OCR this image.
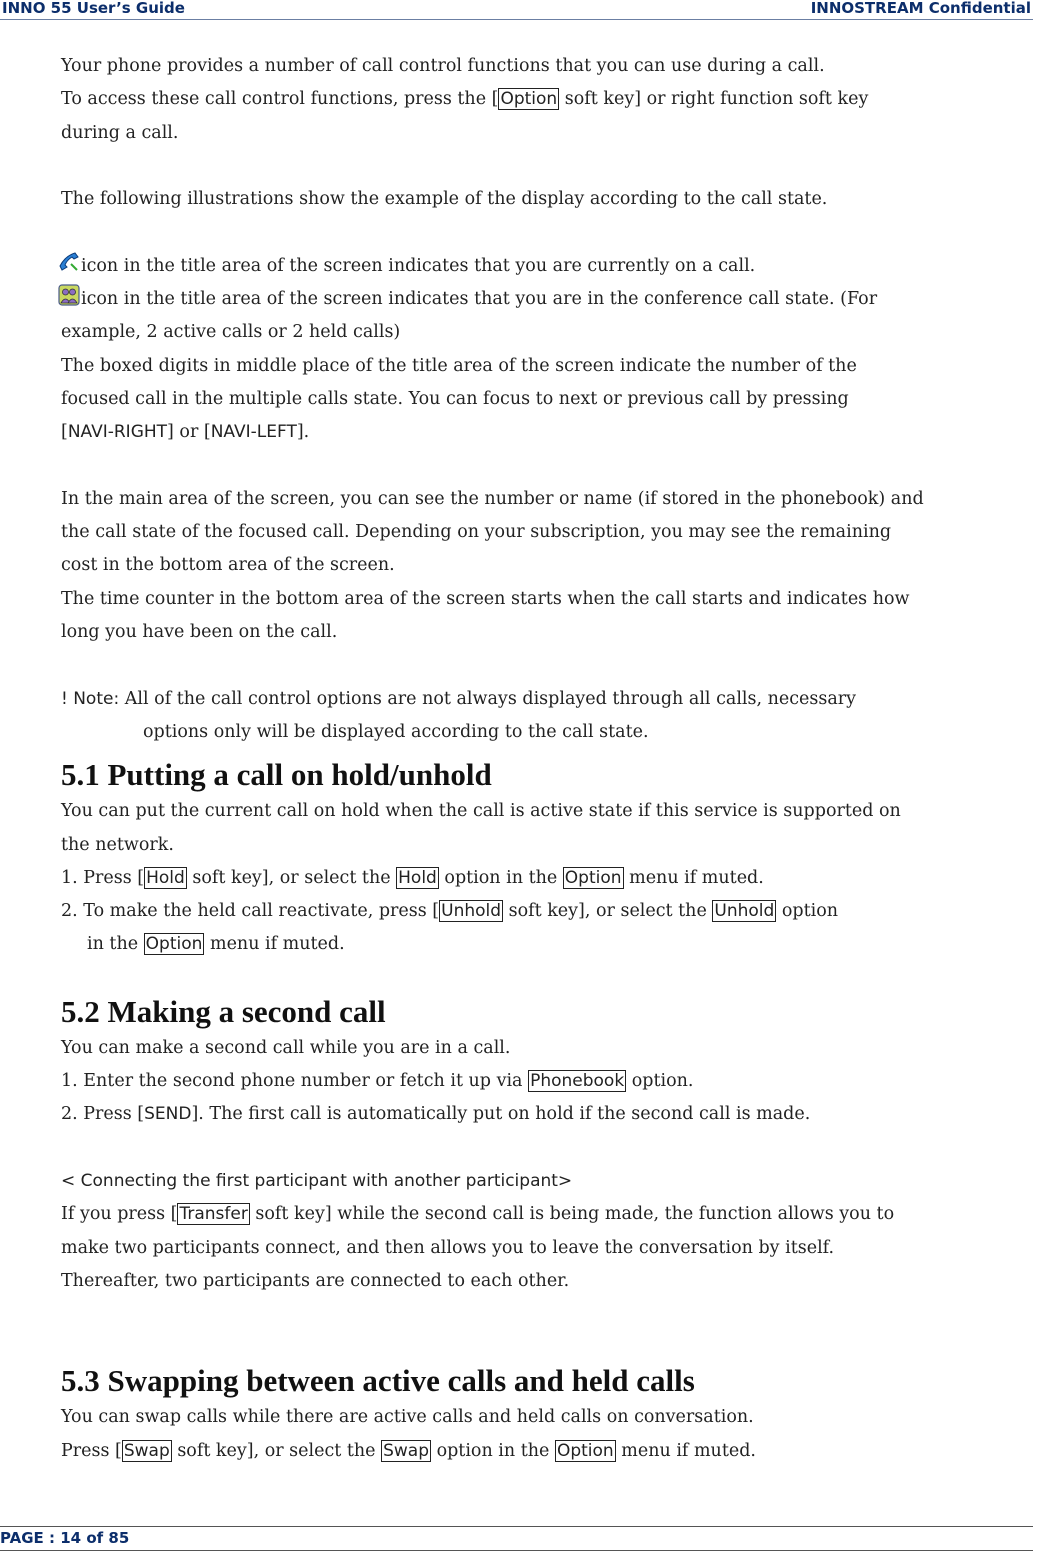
INNO 55 User’s Guide	INNOSTREAM Confidential

Your phone provides a number of call control functions that you can use during a call.

To access these call control functions, press the [ Option soft key] or right function soft key

during a call.

The following illustrations show the example of the display according to the call state.

icon in the title area of the screen indicates that you are currently on a call.

icon in the title area of the screen indicates that you are in the conference call state. (For

example, 2 active calls or 2 held calls)

The boxed digits in middle place of the title area of the screen indicate the number of the

focused call in the multiple calls state. You can focus to next or previous call by pressing

[NAVI-RIGHT] or [NAVI-LEFT].

In the main area of the screen, you can see the number or name (if stored in the phonebook) and

the call state of the focused call. Depending on your subscription, you may see the remaining

cost in the bottom area of the screen.

The time counter in the bottom area of the screen starts when the call starts and indicates how

long you have been on the call.

! Note: All of the call control options are not always displayed through all calls, necessary

options only will be displayed according to the call state.

5.1 Putting a call on hold/unhold

You can put the current call on hold when the call is active state if this service is supported on

the network.

1. Press [ Hold soft key], or select the Hold option in the Option menu if muted.

2. To make the held call reactivate, press [ Unhold soft key], or select the Unhold option

in the Option menu if muted.

5.2 Making a second call

You can make a second call while you are in a call.

1. Enter the second phone number or fetch it up via Phonebook option.

2. Press [SEND]. The first call is automatically put on hold if the second call is made.

< Connecting the first participant with another participant>

If you press [ Transfer soft key] while the second call is being made, the function allows you to

make two participants connect, and then allows you to leave the conversation by itself.

Thereafter, two participants are connected to each other.

5.3 Swapping between active calls and held calls

You can swap calls while there are active calls and held calls on conversation.

Press [ Swap soft key], or select the Swap option in the Option menu if muted.

PAGE : 14 of 85
